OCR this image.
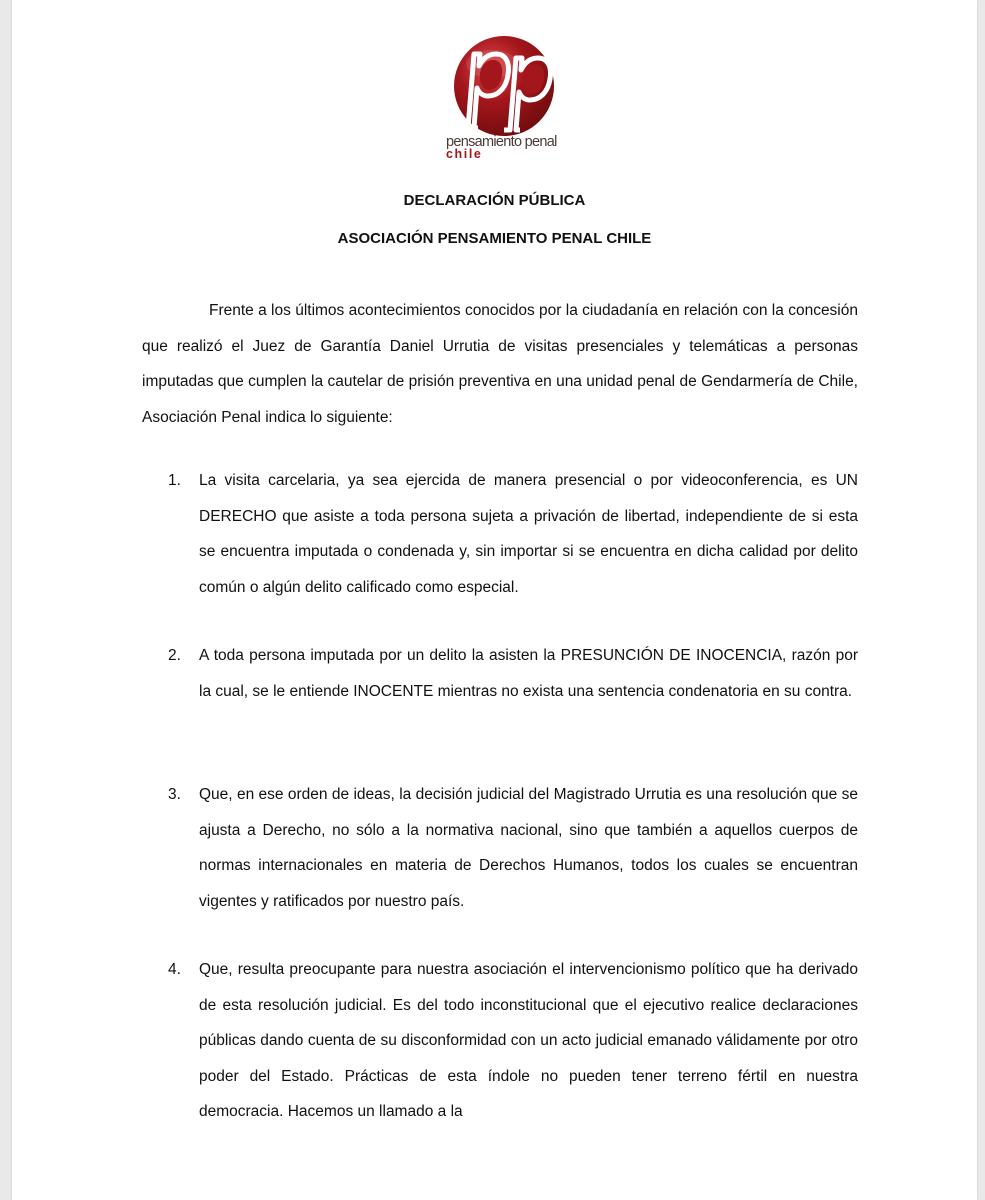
pensamiento penal
chile
DECLARACIÓN PÚBLICA
ASOCIACIÓN PENSAMIENTO PENAL CHILE

Frente a los últimos acontecimientos conocidos por la ciudadanía en relación con la concesión que realizó el Juez de Garantía Daniel Urrutia de visitas presenciales y telemáticas a personas imputadas que cumplen la cautelar de prisión preventiva en una unidad penal de Gendarmería de Chile, Asociación Penal indica lo siguiente:

1. La visita carcelaria, ya sea ejercida de manera presencial o por videoconferencia, es UN DERECHO que asiste a toda persona sujeta a privación de libertad, independiente de si esta se encuentra imputada o condenada y, sin importar si se encuentra en dicha calidad por delito común o algún delito calificado como especial.

2. A toda persona imputada por un delito la asisten la PRESUNCIÓN DE INOCENCIA, razón por la cual, se le entiende INOCENTE mientras no exista una sentencia condenatoria en su contra.

3. Que, en ese orden de ideas, la decisión judicial del Magistrado Urrutia es una resolución que se ajusta a Derecho, no sólo a la normativa nacional, sino que también a aquellos cuerpos de normas internacionales en materia de Derechos Humanos, todos los cuales se encuentran vigentes y ratificados por nuestro país.

4. Que, resulta preocupante para nuestra asociación el intervencionismo político que ha derivado de esta resolución judicial. Es del todo inconstitucional que el ejecutivo realice declaraciones públicas dando cuenta de su disconformidad con un acto judicial emanado válidamente por otro poder del Estado. Prácticas de esta índole no pueden tener terreno fértil en nuestra democracia. Hacemos un llamado a la
